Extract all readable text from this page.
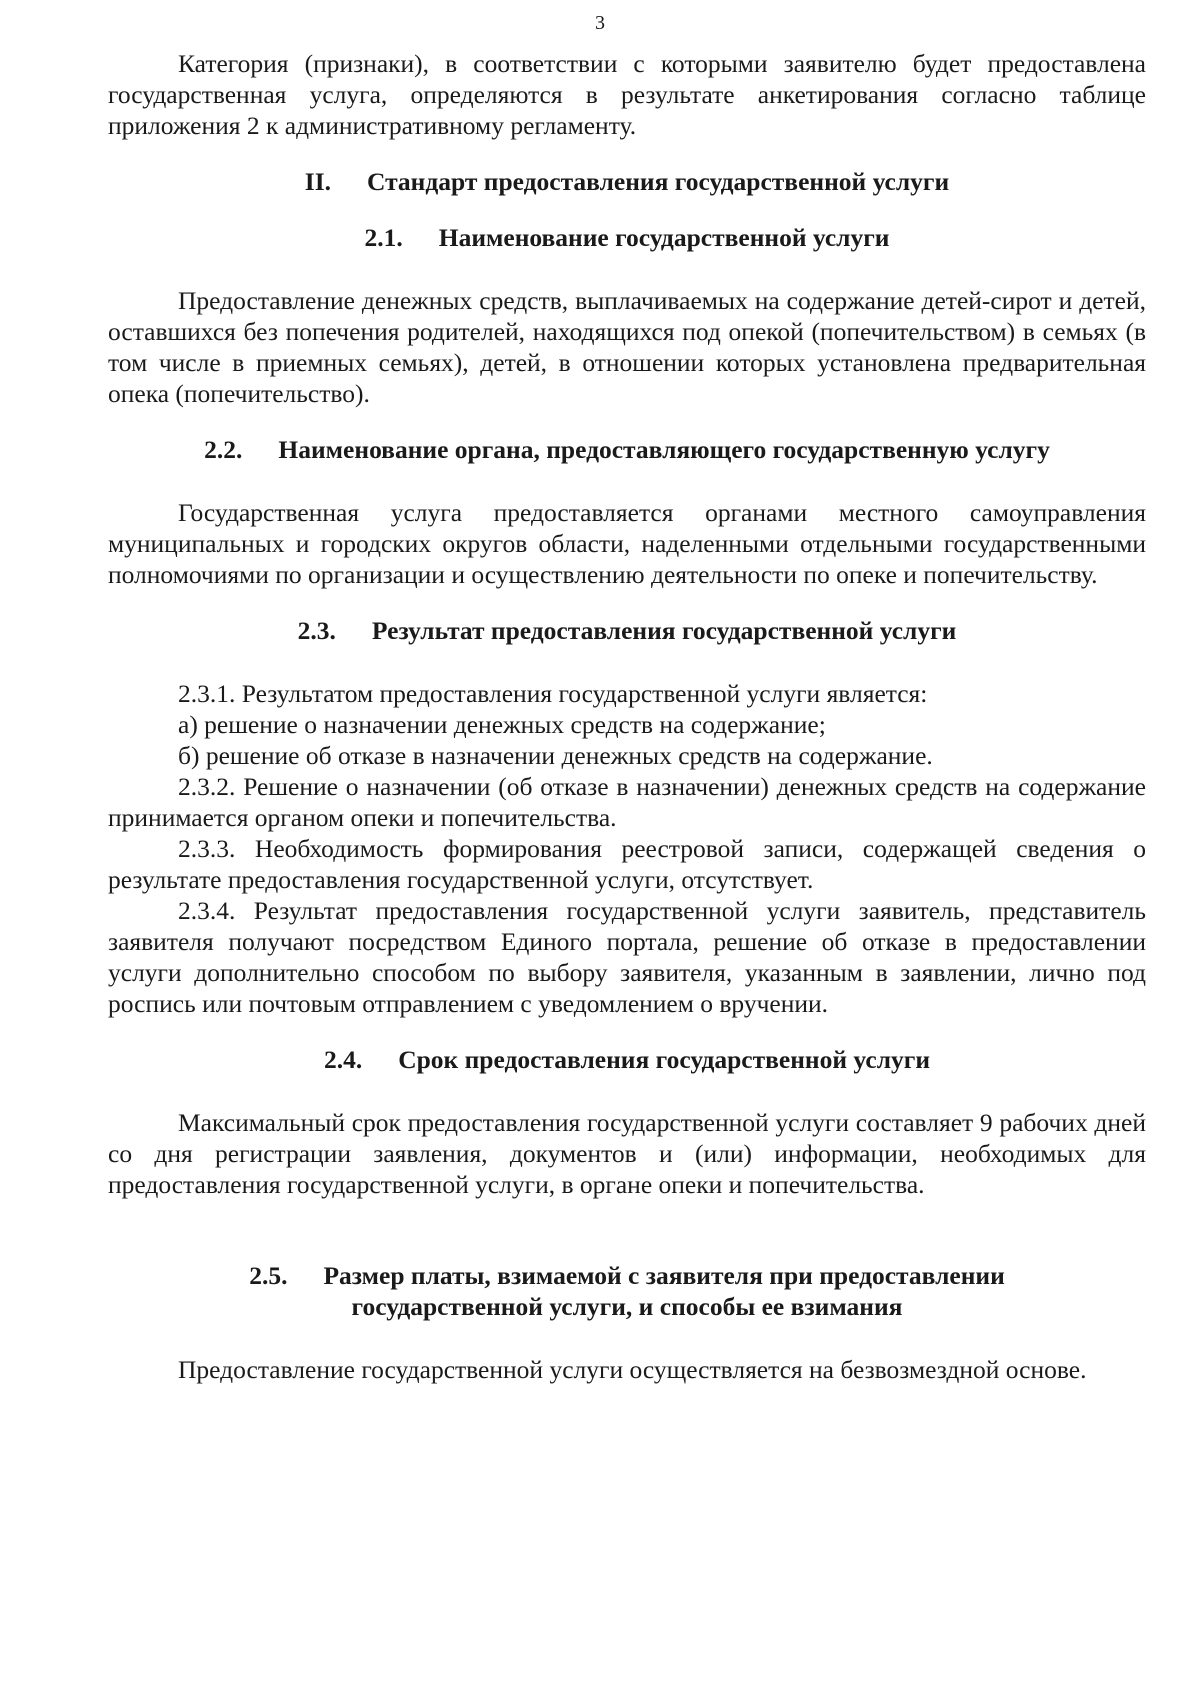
3

Категория (признаки), в соответствии с которыми заявителю будет предоставлена государственная услуга, определяются в результате анкетирования согласно таблице приложения 2 к административному регламенту.

II. Стандарт предоставления государственной услуги
2.1. Наименование государственной услуги

Предоставление денежных средств, выплачиваемых на содержание детей-сирот и детей, оставшихся без попечения родителей, находящихся под опекой (попечительством) в семьях (в том числе в приемных семьях), детей, в отношении которых установлена предварительная опека (попечительство).

2.2. Наименование органа, предоставляющего государственную услугу

Государственная услуга предоставляется органами местного самоуправления муниципальных и городских округов области, наделенными отдельными государственными полномочиями по организации и осуществлению деятельности по опеке и попечительству.

2.3. Результат предоставления государственной услуги

2.3.1. Результатом предоставления государственной услуги является:

а) решение о назначении денежных средств на содержание;

б) решение об отказе в назначении денежных средств на содержание.

2.3.2. Решение о назначении (об отказе в назначении) денежных средств на содержание принимается органом опеки и попечительства.

2.3.3. Необходимость формирования реестровой записи, содержащей сведения о результате предоставления государственной услуги, отсутствует.

2.3.4. Результат предоставления государственной услуги заявитель, представитель заявителя получают посредством Единого портала, решение об отказе в предоставлении услуги дополнительно способом по выбору заявителя, указанным в заявлении, лично под роспись или почтовым отправлением с уведомлением о вручении.

2.4. Срок предоставления государственной услуги

Максимальный срок предоставления государственной услуги составляет 9 рабочих дней со дня регистрации заявления, документов и (или) информации, необходимых для предоставления государственной услуги, в органе опеки и попечительства.

2.5. Размер платы, взимаемой с заявителя при предоставлении
государственной услуги, и способы ее взимания

Предоставление государственной услуги осуществляется на безвозмездной основе.
